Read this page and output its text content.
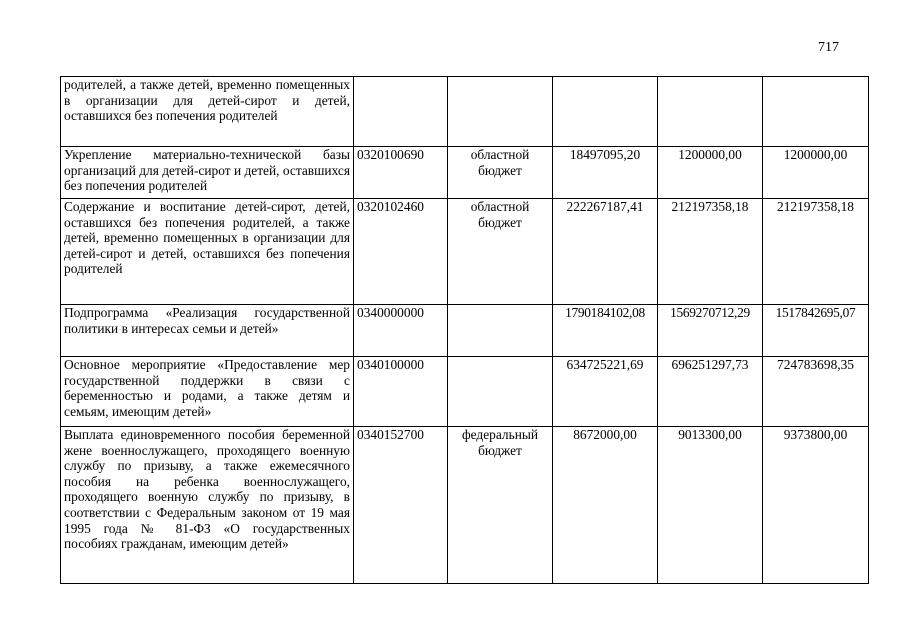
717
родителей, а также детей, временно помещенных в организации для детей-сирот и детей, оставшихся без попечения родителей					
Укрепление материально-технической базы организаций для детей-сирот и детей, оставшихся без попечения родителей	0320100690	областной бюджет	18497095,20	1200000,00	1200000,00
Содержание и воспитание детей-сирот, детей, оставшихся без попечения родителей, а также детей, временно помещенных в организации для детей-сирот и детей, оставшихся без попечения родителей	0320102460	областной бюджет	222267187,41	212197358,18	212197358,18
Подпрограмма «Реализация государственной политики в интересах семьи и детей»	0340000000		1790184102,08	1569270712,29	1517842695,07
Основное мероприятие «Предоставление мер государственной поддержки в связи с беременностью и родами, а также детям и семьям, имеющим детей»	0340100000		634725221,69	696251297,73	724783698,35
Выплата единовременного пособия беременной жене военнослужащего, проходящего военную службу по призыву, а также ежемесячного пособия на ребенка военнослужащего, проходящего военную службу по призыву, в соответствии с Федеральным законом от 19 мая 1995 года № 81-ФЗ «О государственных пособиях гражданам, имеющим детей»	0340152700	федеральный бюджет	8672000,00	9013300,00	9373800,00
